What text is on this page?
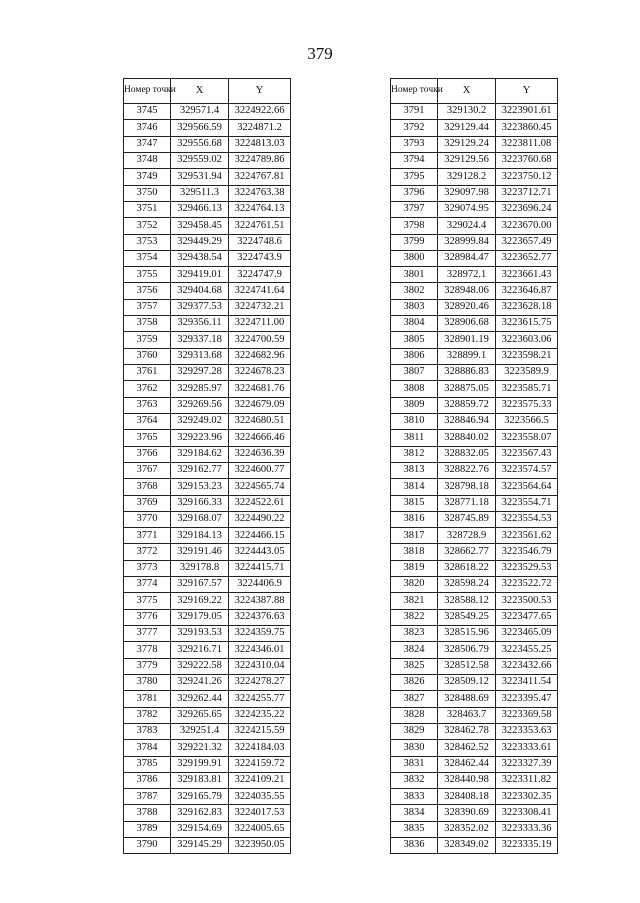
379
Номер точки	X	Y
3745	329571.4	3224922.66
3746	329566.59	3224871.2
3747	329556.68	3224813.03
3748	329559.02	3224789.86
3749	329531.94	3224767.81
3750	329511.3	3224763.38
3751	329466.13	3224764.13
3752	329458.45	3224761.51
3753	329449.29	3224748.6
3754	329438.54	3224743.9
3755	329419.01	3224747.9
3756	329404.68	3224741.64
3757	329377.53	3224732.21
3758	329356.11	3224711.00
3759	329337.18	3224700.59
3760	329313.68	3224682.96
3761	329297.28	3224678.23
3762	329285.97	3224681.76
3763	329269.56	3224679.09
3764	329249.02	3224680.51
3765	329223.96	3224666.46
3766	329184.62	3224636.39
3767	329162.77	3224600.77
3768	329153.23	3224565.74
3769	329166.33	3224522.61
3770	329168.07	3224490.22
3771	329184.13	3224466.15
3772	329191.46	3224443.05
3773	329178.8	3224415.71
3774	329167.57	3224406.9
3775	329169.22	3224387.88
3776	329179.05	3224376.63
3777	329193.53	3224359.75
3778	329216.71	3224346.01
3779	329222.58	3224310.04
3780	329241.26	3224278.27
3781	329262.44	3224255.77
3782	329265.65	3224235.22
3783	329251.4	3224215.59
3784	329221.32	3224184.03
3785	329199.91	3224159.72
3786	329183.81	3224109.21
3787	329165.79	3224035.55
3788	329162.83	3224017.53
3789	329154.69	3224005.65
3790	329145.29	3223950.05
Номер точки	X	Y
3791	329130.2	3223901.61
3792	329129.44	3223860.45
3793	329129.24	3223811.08
3794	329129.56	3223760.68
3795	329128.2	3223750.12
3796	329097.98	3223712.71
3797	329074.95	3223696.24
3798	329024.4	3223670.00
3799	328999.84	3223657.49
3800	328984.47	3223652.77
3801	328972.1	3223661.43
3802	328948.06	3223646.87
3803	328920.46	3223628.18
3804	328906.68	3223615.75
3805	328901.19	3223603.06
3806	328899.1	3223598.21
3807	328886.83	3223589.9
3808	328875.05	3223585.71
3809	328859.72	3223575.33
3810	328846.94	3223566.5
3811	328840.02	3223558.07
3812	328832.05	3223567.43
3813	328822.76	3223574.57
3814	328798.18	3223564.64
3815	328771.18	3223554.71
3816	328745.89	3223554.53
3817	328728.9	3223561.62
3818	328662.77	3223546.79
3819	328618.22	3223529.53
3820	328598.24	3223522.72
3821	328588.12	3223500.53
3822	328549.25	3223477.65
3823	328515.96	3223465.09
3824	328506.79	3223455.25
3825	328512.58	3223432.66
3826	328509.12	3223411.54
3827	328488.69	3223395.47
3828	328463.7	3223369.58
3829	328462.78	3223353.63
3830	328462.52	3223333.61
3831	328462.44	3223327.39
3832	328440.98	3223311.82
3833	328408.18	3223302.35
3834	328390.69	3223308.41
3835	328352.02	3223333.36
3836	328349.02	3223335.19
